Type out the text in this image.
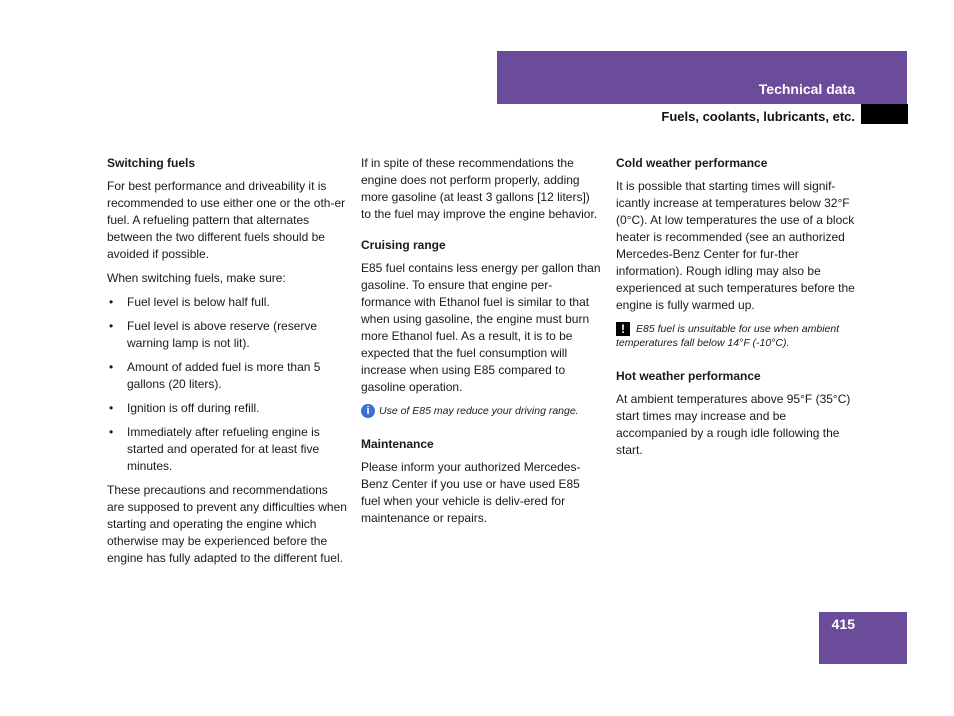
Technical data
Fuels, coolants, lubricants, etc.
Switching fuels

For best performance and driveability it is recommended to use either one or the oth-er fuel. A refueling pattern that alternates between the two different fuels should be avoided if possible.

When switching fuels, make sure:

• Fuel level is below half full.
• Fuel level is above reserve (reserve warning lamp is not lit).
• Amount of added fuel is more than 5 gallons (20 liters).
• Ignition is off during refill.
• Immediately after refueling engine is started and operated for at least five minutes.

These precautions and recommendations are supposed to prevent any difficulties when starting and operating the engine which otherwise may be experienced before the engine has fully adapted to the different fuel.

If in spite of these recommendations the engine does not perform properly, adding more gasoline (at least 3 gallons [12 liters]) to the fuel may improve the engine behavior.

Cruising range

E85 fuel contains less energy per gallon than gasoline. To ensure that engine per-formance with Ethanol fuel is similar to that when using gasoline, the engine must burn more Ethanol fuel. As a result, it is to be expected that the fuel consumption will increase when using E85 compared to gasoline operation.

i Use of E85 may reduce your driving range.
Maintenance

Please inform your authorized Mercedes-Benz Center if you use or have used E85 fuel when your vehicle is deliv-ered for maintenance or repairs.

Cold weather performance

It is possible that starting times will signif-icantly increase at temperatures below 32°F (0°C). At low temperatures the use of a block heater is recommended (see an authorized Mercedes-Benz Center for fur-ther information). Rough idling may also be experienced at such temperatures before the engine is fully warmed up.

! E85 fuel is unsuitable for use when ambient temperatures fall below 14°F (-10°C).
Hot weather performance

At ambient temperatures above 95°F (35°C) start times may increase and be accompanied by a rough idle following the start.

415
